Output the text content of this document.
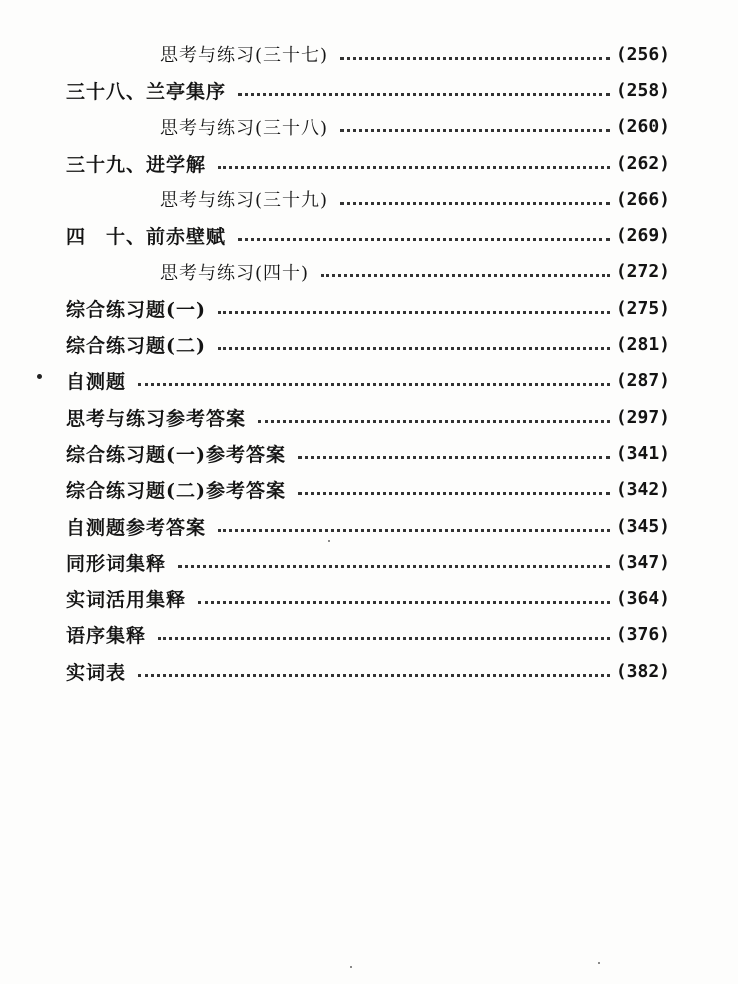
思考与练习(三十七)	(256)
三十八、兰亭集序	(258)
思考与练习(三十八)	(260)
三十九、进学解	(262)
思考与练习(三十九)	(266)
四　十、前赤壁赋	(269)
思考与练习(四十)	(272)
综合练习题(一)	(275)
综合练习题(二)	(281)
自测题	(287)
思考与练习参考答案	(297)
综合练习题(一)参考答案	(341)
综合练习题(二)参考答案	(342)
自测题参考答案	(345)
同形词集释	(347)
实词活用集释	(364)
语序集释	(376)
实词表	(382)
